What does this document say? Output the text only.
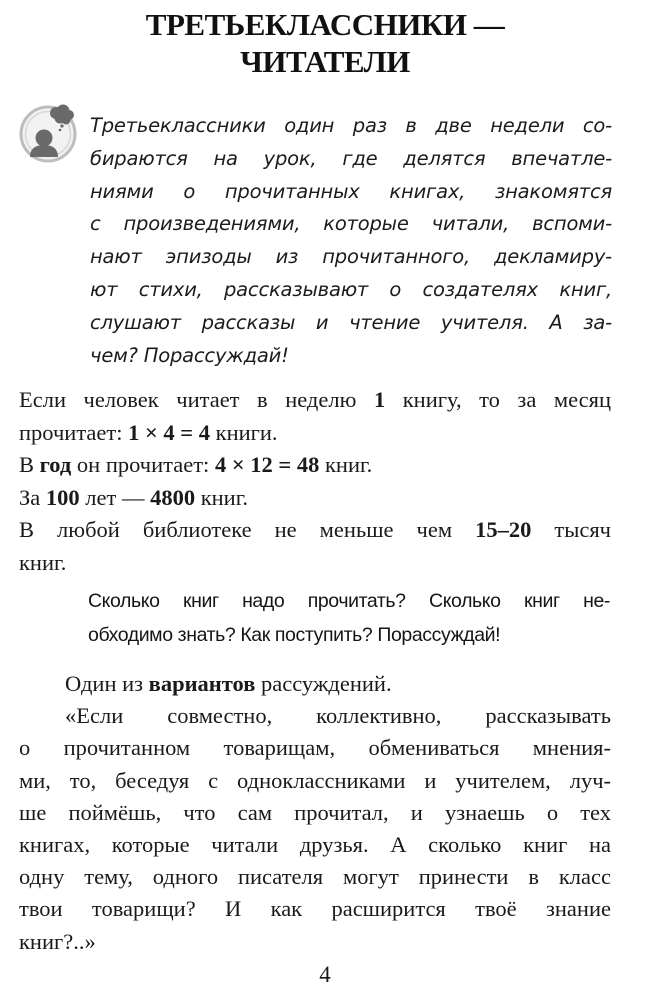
ТРЕТЬЕКЛАССНИКИ —
ЧИТАТЕЛИ
Третьеклассники один раз в две недели со-
бираются на урок, где делятся впечатле-
ниями о прочитанных книгах, знакомятся
с произведениями, которые читали, вспоми-
нают эпизоды из прочитанного, декламиру-
ют стихи, рассказывают о создателях книг,
слушают рассказы и чтение учителя. А за-
чем? Порассуждай!
Если человек читает в неделю 1 книгу, то за месяц
прочитает: 1 × 4 = 4 книги.
В год он прочитает: 4 × 12 = 48 книг.
За 100 лет — 4800 книг.
В любой библиотеке не меньше чем 15–20 тысяч
книг.
Сколько книг надо прочитать? Сколько книг не-
обходимо знать? Как поступить? Порассуждай!
Один из вариантов рассуждений.
«Если совместно, коллективно, рассказывать
о прочитанном товарищам, обмениваться мнения-
ми, то, беседуя с одноклассниками и учителем, луч-
ше поймёшь, что сам прочитал, и узнаешь о тех
книгах, которые читали друзья. А сколько книг на
одну тему, одного писателя могут принести в класс
твои товарищи? И как расширится твоё знание
книг?..»
4
